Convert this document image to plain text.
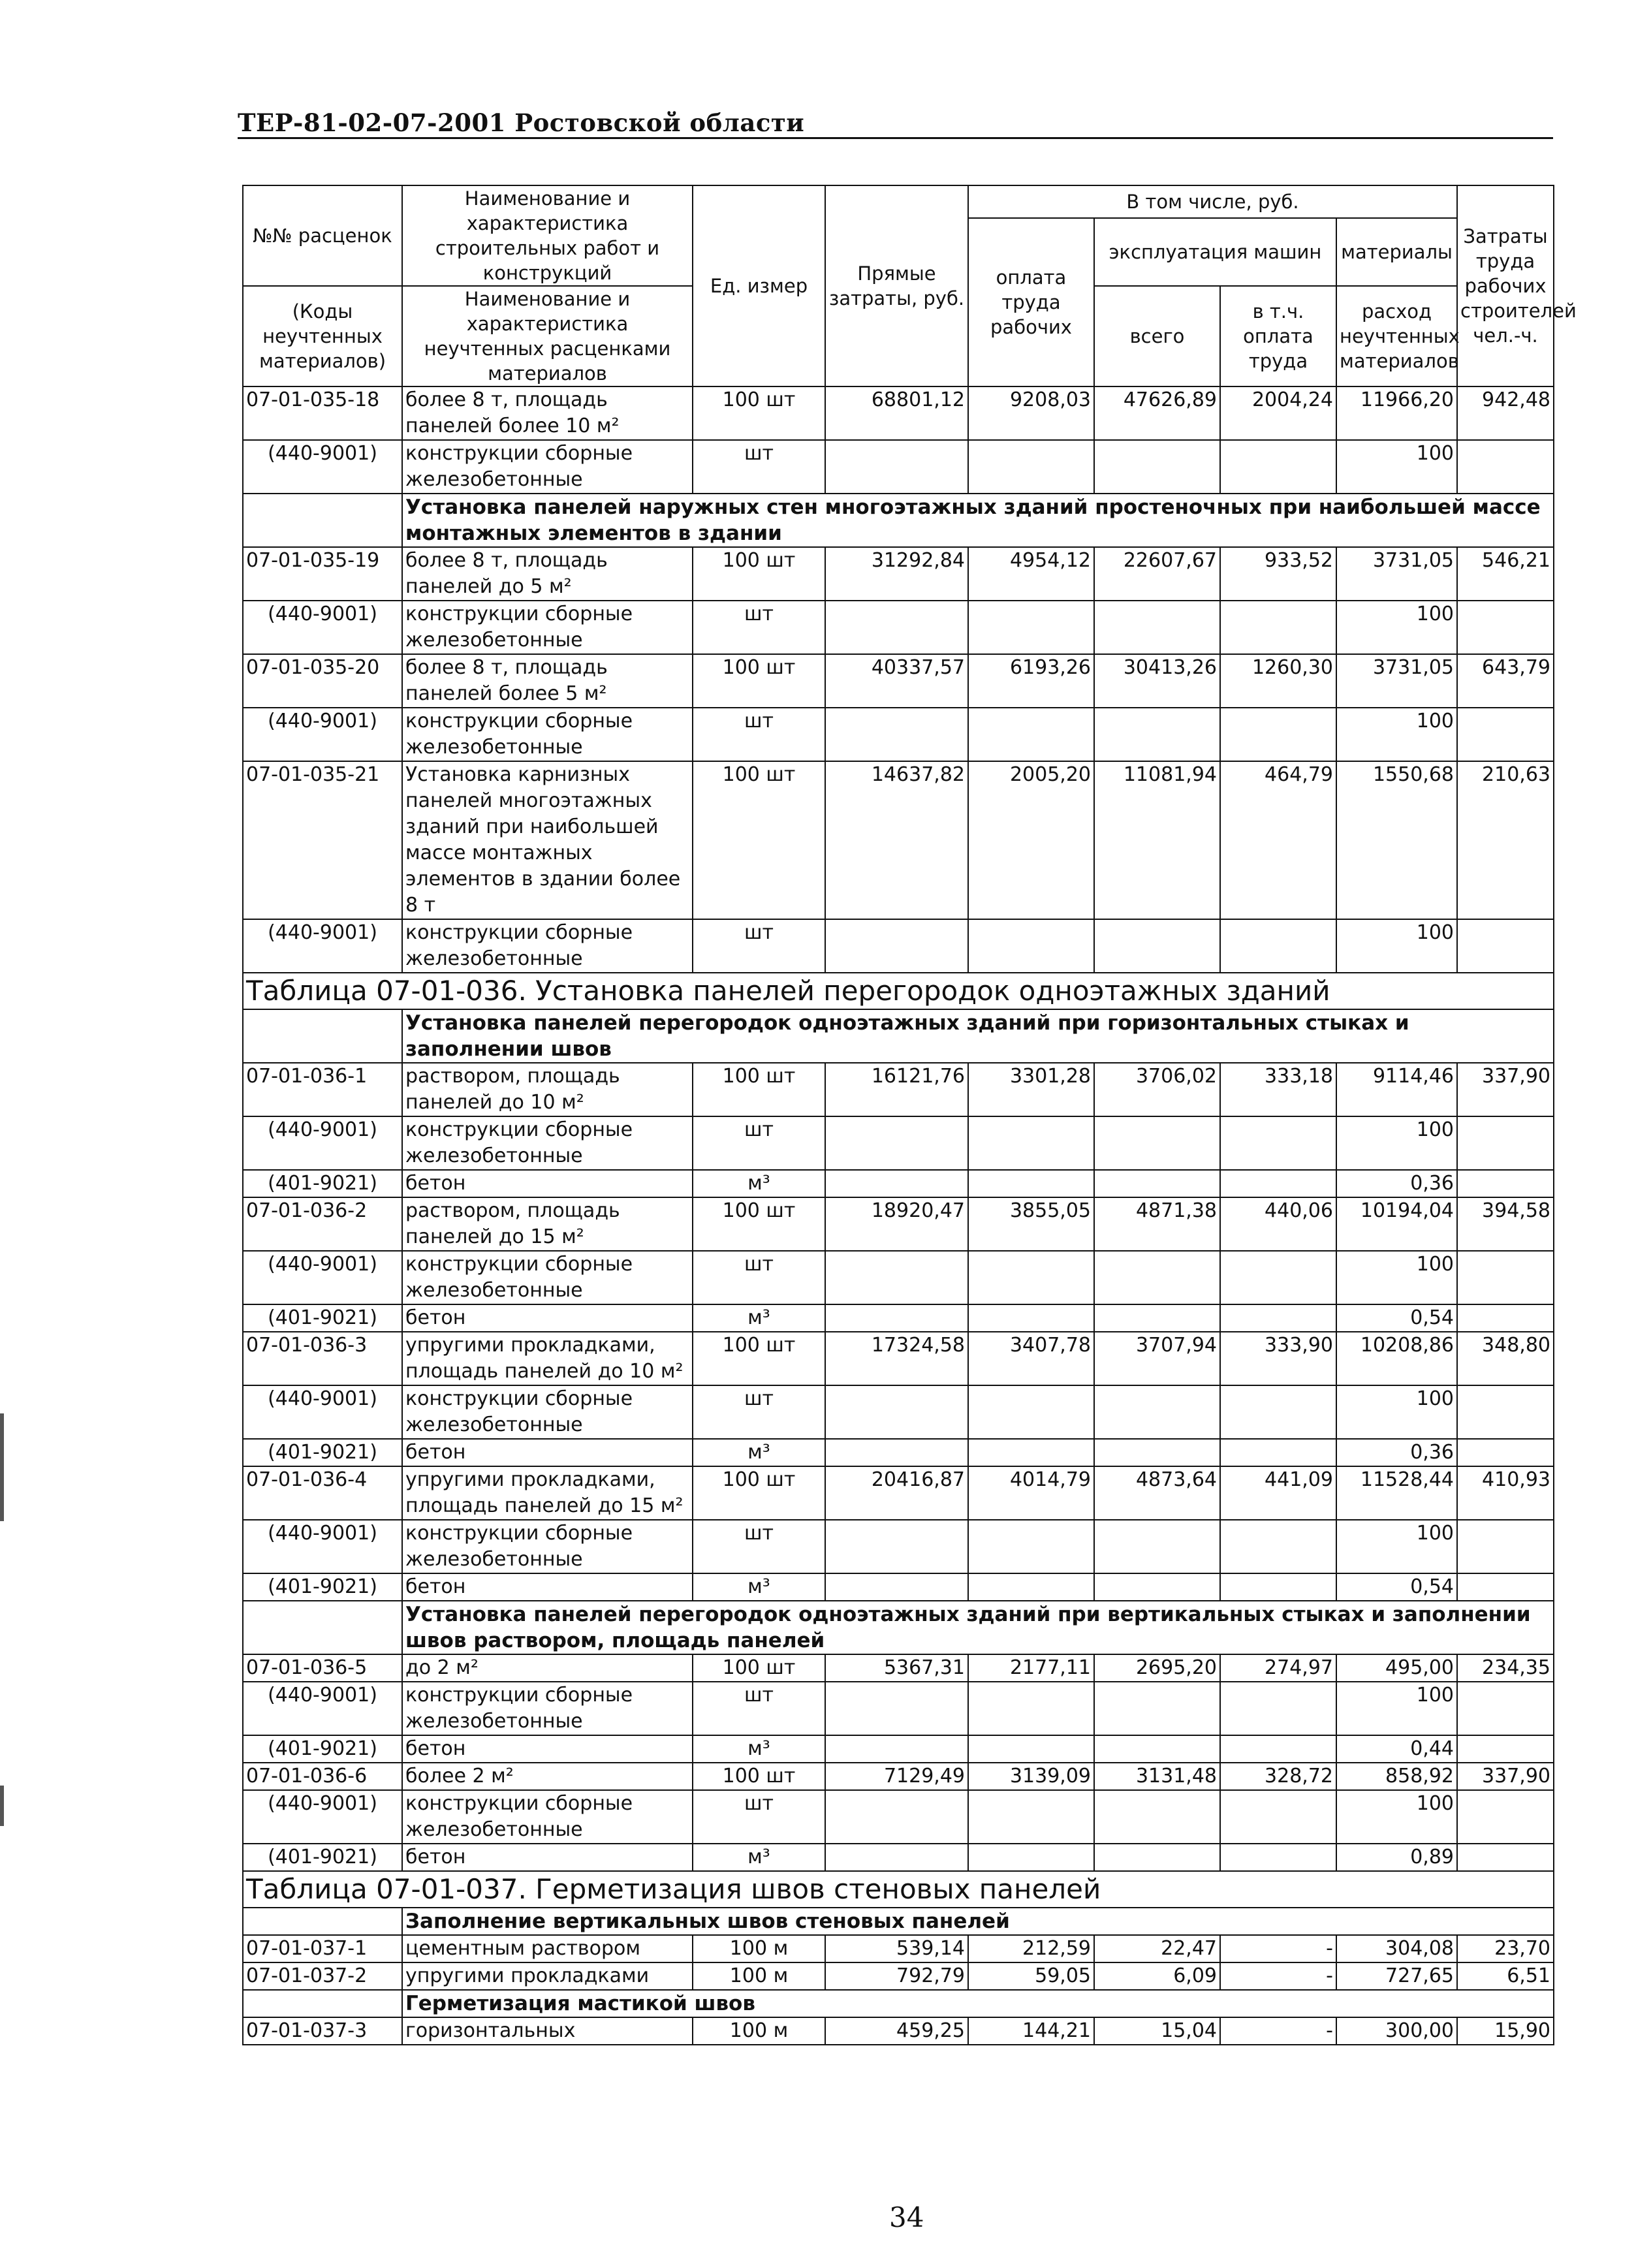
ТЕР-81-02-07-2001 Ростовской области
№№ расценок	Наименование и характеристика строительных работ и конструкций	Ед. измер	Прямые затраты, руб.	В том числе, руб.				Затраты труда рабочих строителей чел.-ч.
				оплата труда рабочих	эксплуатация машин		материалы	
(Коды неучтенных материалов)	Наименование и характеристика неучтенных расценками материалов				всего	в т.ч. оплата труда	расход неучтенных материалов	

07-01-035-18	более 8 т, площадь панелей более 10 м²	100 шт	68801,12	9208,03	47626,89	2004,24	11966,20	942,48
(440-9001)	конструкции сборные железобетонные	шт					100	
	Установка панелей наружных стен многоэтажных зданий простеночных при наибольшей массе монтажных элементов в здании							
07-01-035-19	более 8 т, площадь панелей до 5 м²	100 шт	31292,84	4954,12	22607,67	933,52	3731,05	546,21
(440-9001)	конструкции сборные железобетонные	шт					100	
07-01-035-20	более 8 т, площадь панелей более 5 м²	100 шт	40337,57	6193,26	30413,26	1260,30	3731,05	643,79
(440-9001)	конструкции сборные железобетонные	шт					100	
07-01-035-21	Установка карнизных панелей многоэтажных зданий при наибольшей массе монтажных элементов в здании более 8 т	100 шт	14637,82	2005,20	11081,94	464,79	1550,68	210,63
(440-9001)	конструкции сборные железобетонные	шт					100	
Таблица 07-01-036. Установка панелей перегородок одноэтажных зданий								
	Установка панелей перегородок одноэтажных зданий при горизонтальных стыках и заполнении швов							
07-01-036-1	раствором, площадь панелей до 10 м²	100 шт	16121,76	3301,28	3706,02	333,18	9114,46	337,90
(440-9001)	конструкции сборные железобетонные	шт					100	
(401-9021)	бетон	м³					0,36	
07-01-036-2	раствором, площадь панелей до 15 м²	100 шт	18920,47	3855,05	4871,38	440,06	10194,04	394,58
(440-9001)	конструкции сборные железобетонные	шт					100	
(401-9021)	бетон	м³					0,54	
07-01-036-3	упругими прокладками, площадь панелей до 10 м²	100 шт	17324,58	3407,78	3707,94	333,90	10208,86	348,80
(440-9001)	конструкции сборные железобетонные	шт					100	
(401-9021)	бетон	м³					0,36	
07-01-036-4	упругими прокладками, площадь панелей до 15 м²	100 шт	20416,87	4014,79	4873,64	441,09	11528,44	410,93
(440-9001)	конструкции сборные железобетонные	шт					100	
(401-9021)	бетон	м³					0,54	
	Установка панелей перегородок одноэтажных зданий при вертикальных стыках и заполнении швов раствором, площадь панелей							
07-01-036-5	до 2 м²	100 шт	5367,31	2177,11	2695,20	274,97	495,00	234,35
(440-9001)	конструкции сборные железобетонные	шт					100	
(401-9021)	бетон	м³					0,44	
07-01-036-6	более 2 м²	100 шт	7129,49	3139,09	3131,48	328,72	858,92	337,90
(440-9001)	конструкции сборные железобетонные	шт					100	
(401-9021)	бетон	м³					0,89	
Таблица 07-01-037. Герметизация швов стеновых панелей								
	Заполнение вертикальных швов стеновых панелей							
07-01-037-1	цементным раствором	100 м	539,14	212,59	22,47	-	304,08	23,70
07-01-037-2	упругими прокладками	100 м	792,79	59,05	6,09	-	727,65	6,51
	Герметизация мастикой швов							
07-01-037-3	горизонтальных	100 м	459,25	144,21	15,04	-	300,00	15,90
34
